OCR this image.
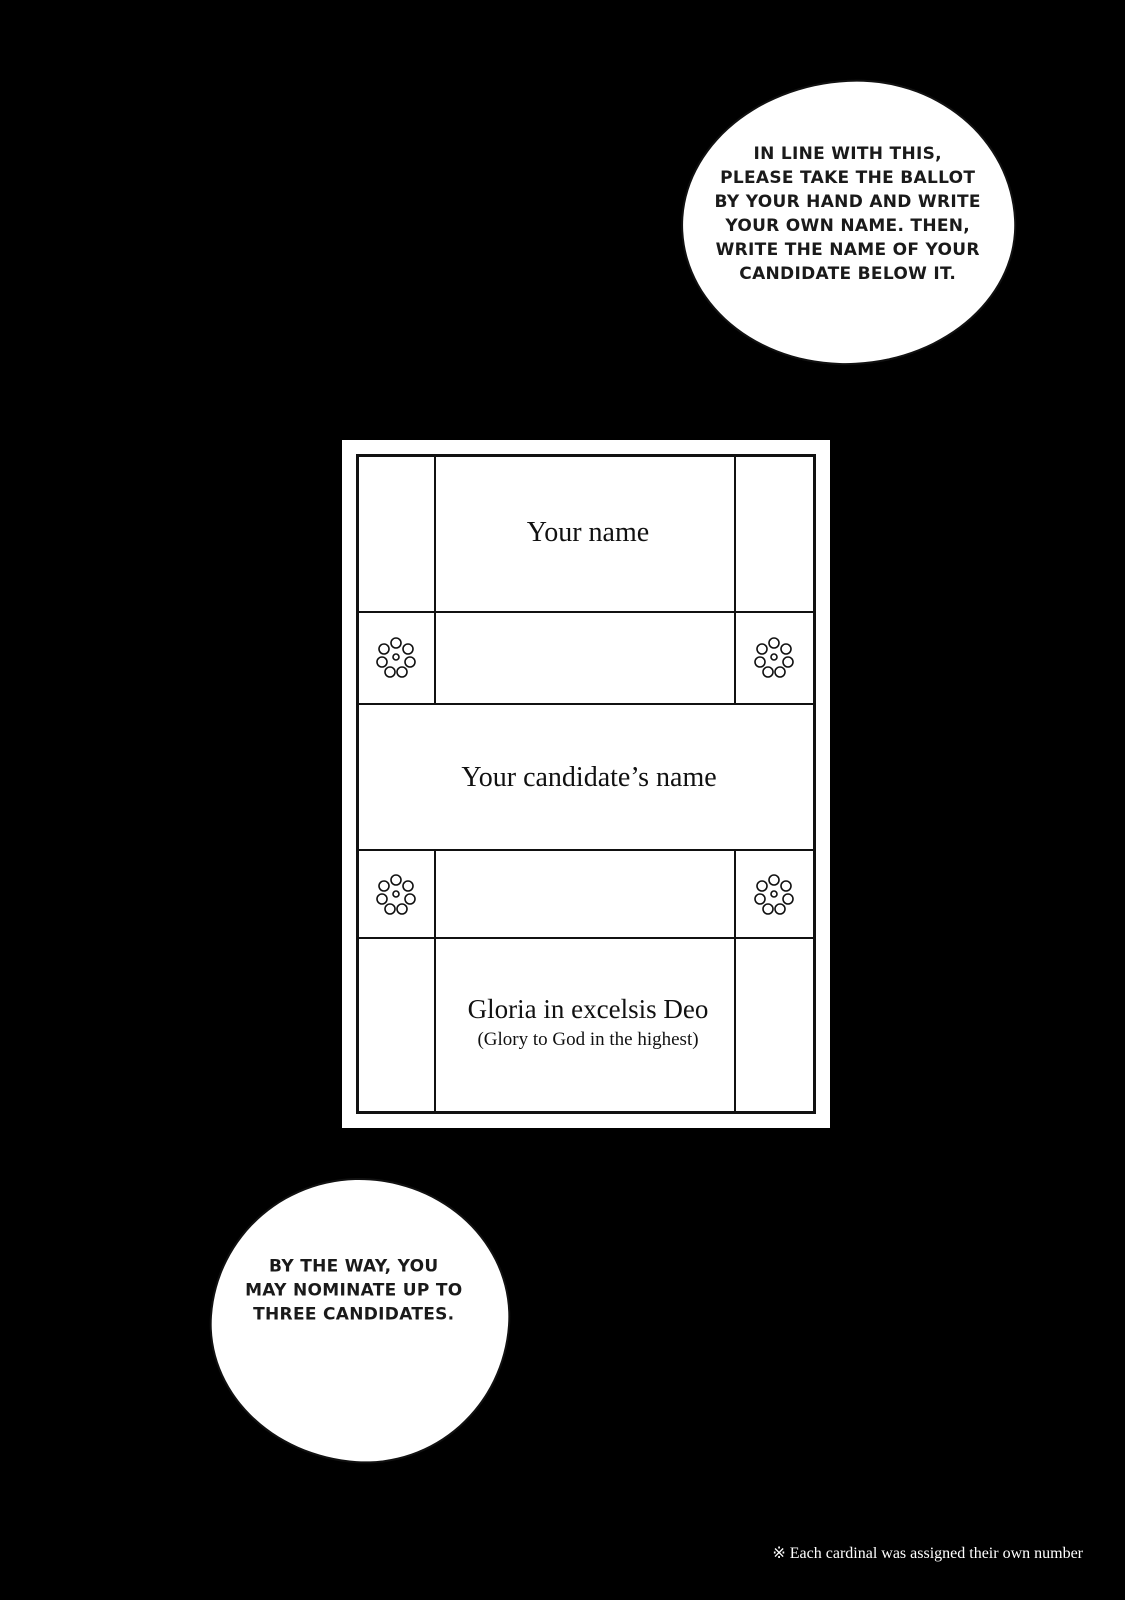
IN LINE WITH THIS,
PLEASE TAKE THE BALLOT
BY YOUR HAND AND WRITE
YOUR OWN NAME. THEN,
WRITE THE NAME OF YOUR
CANDIDATE BELOW IT.
Your name
Your candidate’s name
Gloria in excelsis Deo
(Glory to God in the highest)
BY THE WAY, YOU
MAY NOMINATE UP TO
THREE CANDIDATES.
※ Each cardinal was assigned their own number
